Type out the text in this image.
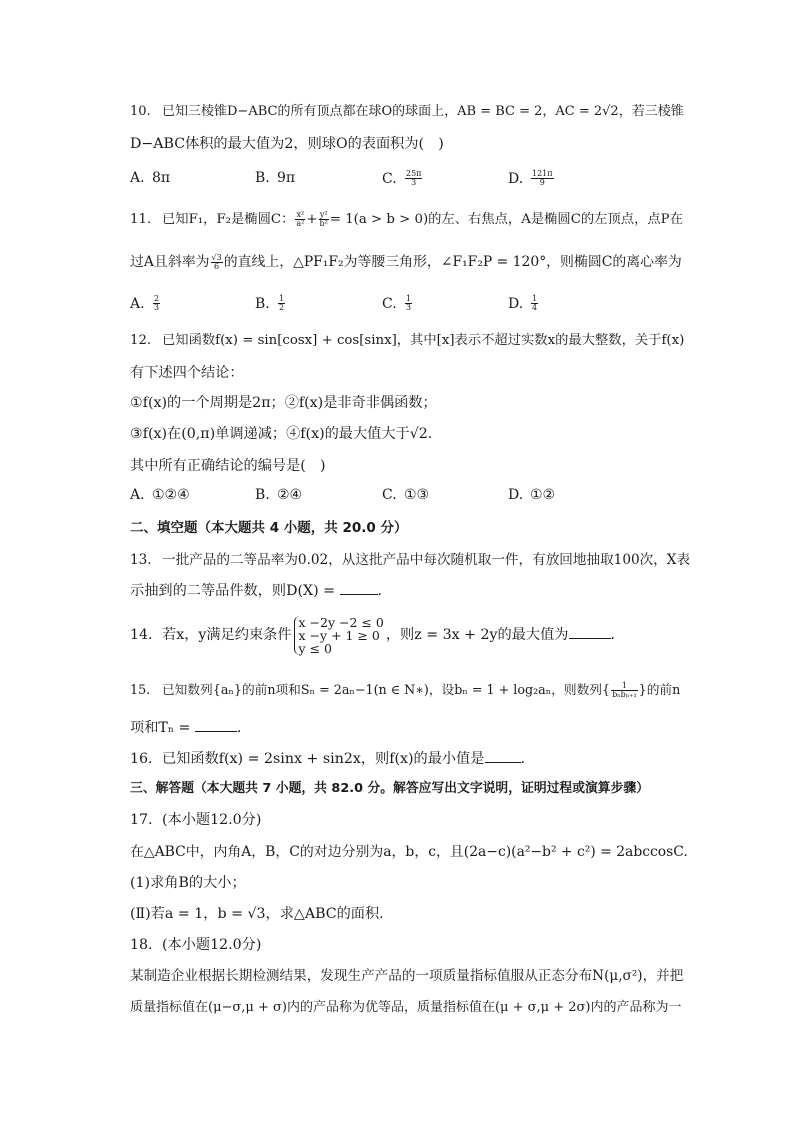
10. 已知三棱锥D−ABC的所有顶点都在球O的球面上，AB = BC = 2，AC = 2√2，若三棱锥
D−ABC体积的最大值为2，则球O的表面积为(　)
A. 8π	B. 9π	C. $\frac{25\pi}{3}$	D. $\frac{121\pi}{9}$
11. 已知F₁，F₂是椭圆C： $\frac{\text{x²}}{\text{a²}} + \frac{\text{y²}}{\text{b²}} = 1(a > b > 0)$的左、右焦点，A是椭圆C的左顶点，点P在
过A且斜率为 $\frac{√3}{6}$ 的直线上，△PF₁F₂为等腰三角形，∠F₁F₂P = 120°，则椭圆C的离心率为
A. $\frac{2}{3}$	B. $\frac{1}{2}$	C. $\frac{1}{3}$	D. $\frac{1}{4}$
12. 已知函数f(x) = sin[cosx] + cos[sinx]，其中[x]表示不超过实数x的最大整数，关于f(x)
有下述四个结论：
①f(x)的一个周期是2π；②f(x)是非奇非偶函数；
③f(x)在(0,π)单调递减；④f(x)的最大值大于√2.
其中所有正确结论的编号是(　)
A. ①②④	B. ②④	C. ①③	D. ①②
二、填空题（本大题共 4 小题，共 20.0 分）
13. 一批产品的二等品率为0.02，从这批产品中每次随机取一件，有放回地抽取100次，X表
示抽到的二等品件数，则D(X) =	.
14. 若x，y满足约束条件
x −2y −2 ≤ 0
x −y + 1 ≥ 0
y ≤ 0
，则z = 3x + 2y的最大值为	.
15. 已知数列{aₙ}的前n项和Sₙ = 2aₙ−1(n ∈ N∗)，设bₙ = 1 + log₂aₙ，则数列{ $\frac{1}{\text{bₙbₙ₊₁}}$ }的前n
项和Tₙ =	.
16. 已知函数f(x) = 2sinx + sin2x，则f(x)的最小值是	.
三、解答题（本大题共 7 小题，共 82.0 分。解答应写出文字说明，证明过程或演算步骤）
17. (本小题12.0分)
在△ABC中，内角A，B，C的对边分别为a，b，c，且(2a−c)(a²−b² + c²) = 2abccosC.
(1)求角B的大小；
(Ⅱ)若a = 1，b = √3，求△ABC的面积.
18. (本小题12.0分)
某制造企业根据长期检测结果，发现生产产品的一项质量指标值服从正态分布N(μ,σ²)，并把
质量指标值在(μ−σ,μ + σ)内的产品称为优等品，质量指标值在(μ + σ,μ + 2σ)内的产品称为一
